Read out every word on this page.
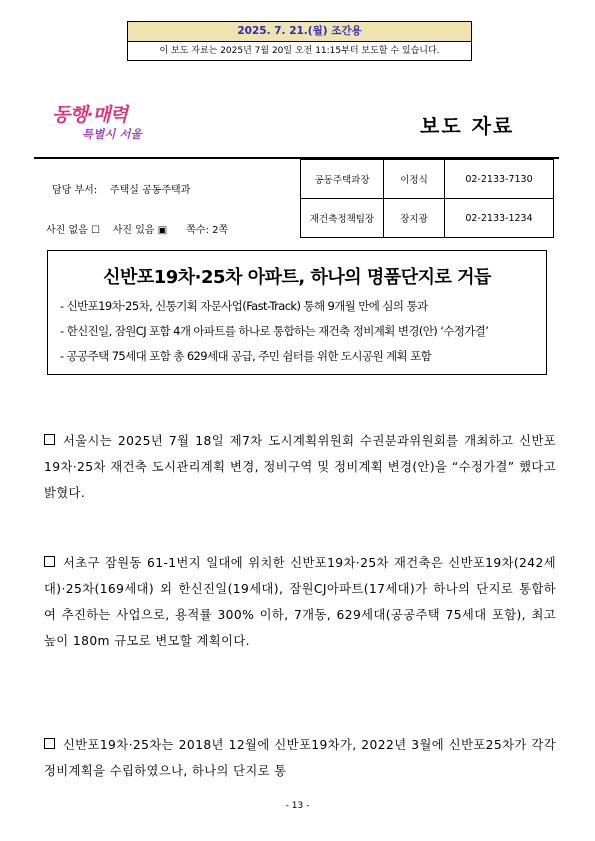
2025. 7. 21.(월) 조간용
이 보도 자료는 2025년 7월 20일 오전 11:15부터 보도할 수 있습니다.
동행·매력
특별시 서울	보도 자료
담당 부서: 주택실 공동주택과
사진 없음 ☐ 사진 있음 ▣ 쪽수: 2쪽
공동주택과장	이정식	02-2133-7130
재건축정책팀장	장지광	02-2133-1234
신반포19차·25차 아파트, 하나의 명품단지로 거듭
- 신반포19차·25차, 신통기획 자문사업(Fast-Track) 통해 9개월 만에 심의 통과
- 한신진일, 잠원CJ 포함 4개 아파트를 하나로 통합하는 재건축 정비계획 변경(안) ‘수정가결’
- 공공주택 75세대 포함 총 629세대 공급, 주민 쉼터를 위한 도시공원 계획 포함
서울시는 2025년 7월 18일 제7차 도시계획위원회 수권분과위원회를 개최하고 신반포19차·25차 재건축 도시관리계획 변경, 정비구역 및 정비계획 변경(안)을 “수정가결” 했다고 밝혔다.
서초구 잠원동 61-1번지 일대에 위치한 신반포19차·25차 재건축은 신반포19차(242세대)·25차(169세대) 외 한신진일(19세대), 잠원CJ아파트(17세대)가 하나의 단지로 통합하여 추진하는 사업으로, 용적률 300% 이하, 7개동, 629세대(공공주택 75세대 포함), 최고높이 180m 규모로 변모할 계획이다.
신반포19차·25차는 2018년 12월에 신반포19차가, 2022년 3월에 신반포25차가 각각 정비계획을 수립하였으나, 하나의 단지로 통
- 13 -
